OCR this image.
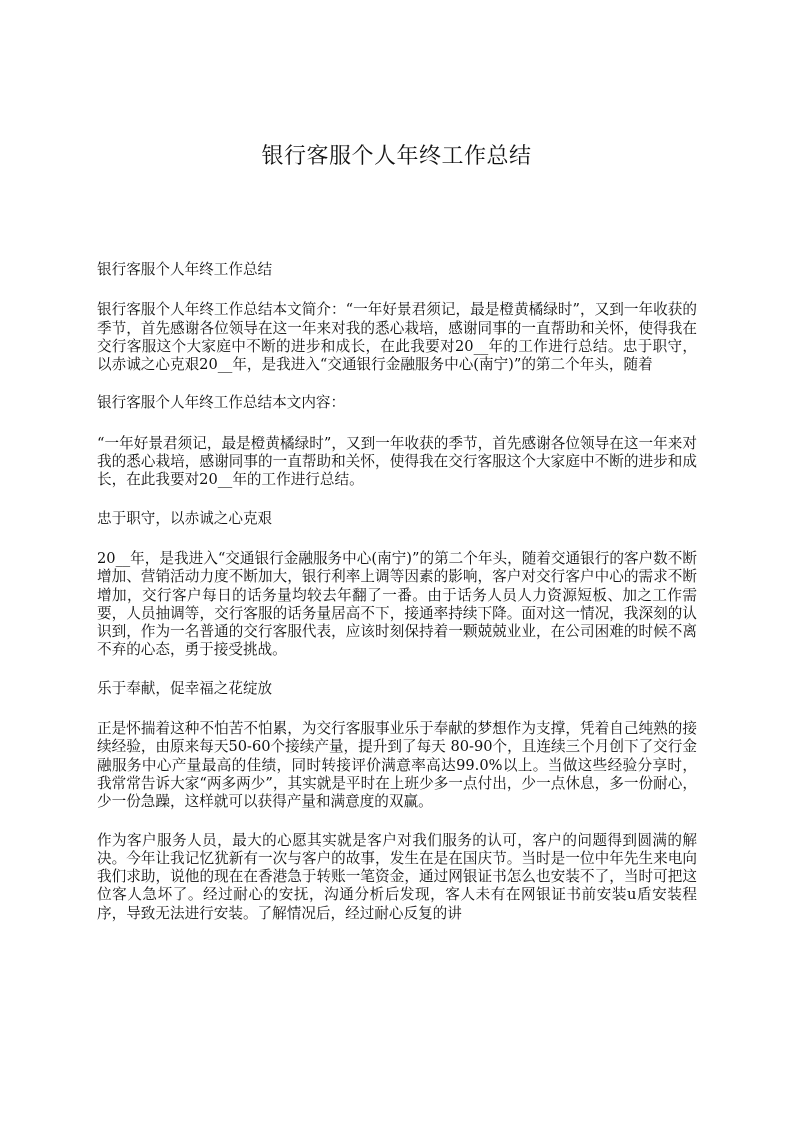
银行客服个人年终工作总结

银行客服个人年终工作总结

银行客服个人年终工作总结本文简介：“一年好景君须记，最是橙黄橘绿时”，又到一年收获的季节，首先感谢各位领导在这一年来对我的悉心栽培，感谢同事的一直帮助和关怀，使得我在交行客服这个大家庭中不断的进步和成长，在此我要对20__年的工作进行总结。忠于职守，以赤诚之心克艰20__年，是我进入“交通银行金融服务中心(南宁)”的第二个年头，随着

银行客服个人年终工作总结本文内容：

“一年好景君须记，最是橙黄橘绿时”，又到一年收获的季节，首先感谢各位领导在这一年来对我的悉心栽培，感谢同事的一直帮助和关怀，使得我在交行客服这个大家庭中不断的进步和成长，在此我要对20__年的工作进行总结。

忠于职守，以赤诚之心克艰

20__年，是我进入“交通银行金融服务中心(南宁)”的第二个年头，随着交通银行的客户数不断增加、营销活动力度不断加大，银行利率上调等因素的影响，客户对交行客户中心的需求不断增加，交行客户每日的话务量均较去年翻了一番。由于话务人员人力资源短板、加之工作需要，人员抽调等，交行客服的话务量居高不下，接通率持续下降。面对这一情况，我深刻的认识到，作为一名普通的交行客服代表，应该时刻保持着一颗兢兢业业，在公司困难的时候不离不弃的心态，勇于接受挑战。

乐于奉献，促幸福之花绽放

正是怀揣着这种不怕苦不怕累，为交行客服事业乐于奉献的梦想作为支撑，凭着自己纯熟的接续经验，由原来每天50-60个接续产量，提升到了每天 80-90个，且连续三个月创下了交行金融服务中心产量最高的佳绩，同时转接评价满意率高达99.0%以上。当做这些经验分享时，我常常告诉大家“两多两少”，其实就是平时在上班少多一点付出，少一点休息，多一份耐心，少一份急躁，这样就可以获得产量和满意度的双赢。

作为客户服务人员，最大的心愿其实就是客户对我们服务的认可，客户的问题得到圆满的解决。今年让我记忆犹新有一次与客户的故事，发生在是在国庆节。当时是一位中年先生来电向我们求助，说他的现在在香港急于转账一笔资金，通过网银证书怎么也安装不了，当时可把这位客人急坏了。经过耐心的安抚，沟通分析后发现，客人未有在网银证书前安装u盾安装程序，导致无法进行安装。了解情况后，经过耐心反复的讲
